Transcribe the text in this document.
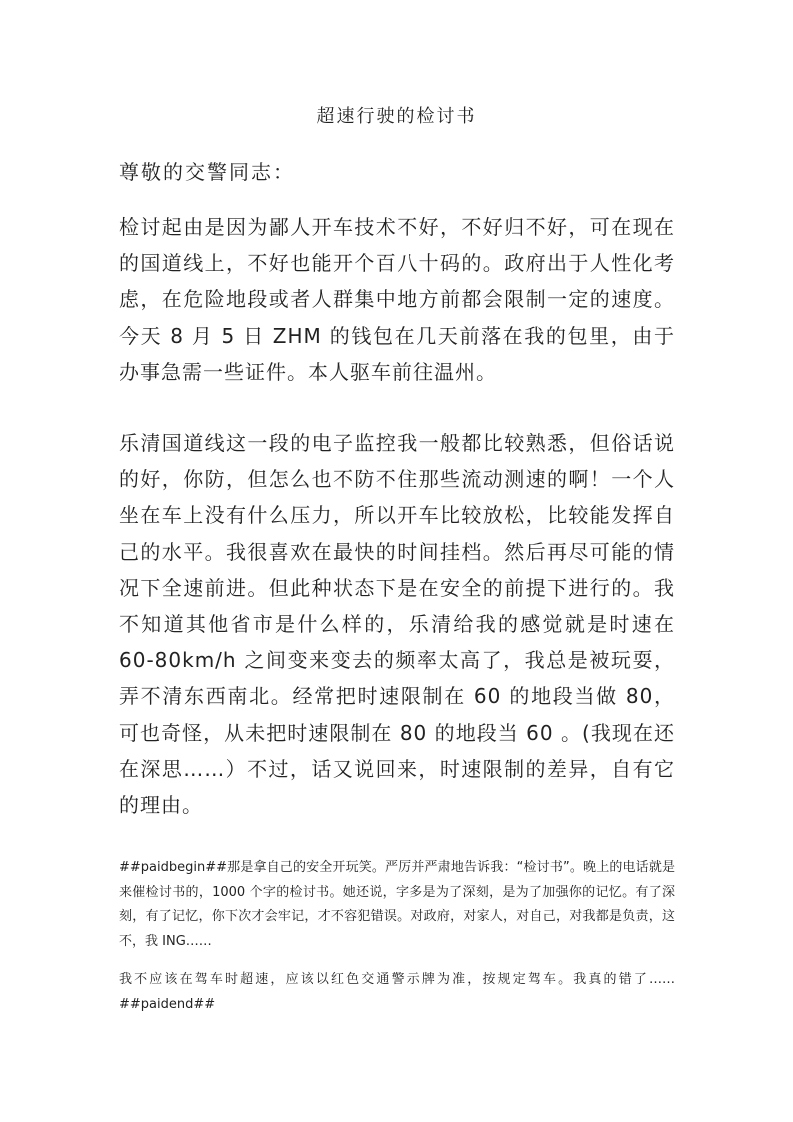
超速行驶的检讨书
尊敬的交警同志：

检讨起由是因为鄙人开车技术不好，不好归不好，可在现在的国道线上，不好也能开个百八十码的。政府出于人性化考虑，在危险地段或者人群集中地方前都会限制一定的速度。今天 8 月 5 日 ZHM 的钱包在几天前落在我的包里，由于办事急需一些证件。本人驱车前往温州。

乐清国道线这一段的电子监控我一般都比较熟悉，但俗话说的好，你防，但怎么也不防不住那些流动测速的啊！一个人坐在车上没有什么压力，所以开车比较放松，比较能发挥自己的水平。我很喜欢在最快的时间挂档。然后再尽可能的情况下全速前进。但此种状态下是在安全的前提下进行的。我不知道其他省市是什么样的，乐清给我的感觉就是时速在 60-80km/h 之间变来变去的频率太高了，我总是被玩耍，弄不清东西南北。经常把时速限制在 60 的地段当做 80，可也奇怪，从未把时速限制在 80 的地段当 60 。(我现在还在深思……）不过，话又说回来，时速限制的差异，自有它的理由。

##paidbegin##那是拿自己的安全开玩笑。严厉并严肃地告诉我：“检讨书”。晚上的电话就是来催检讨书的，1000 个字的检讨书。她还说，字多是为了深刻，是为了加强你的记忆。有了深刻，有了记忆，你下次才会牢记，才不容犯错误。对政府，对家人，对自己，对我都是负责，这不，我 ING……

我不应该在驾车时超速，应该以红色交通警示牌为准，按规定驾车。我真的错了……##paidend##
